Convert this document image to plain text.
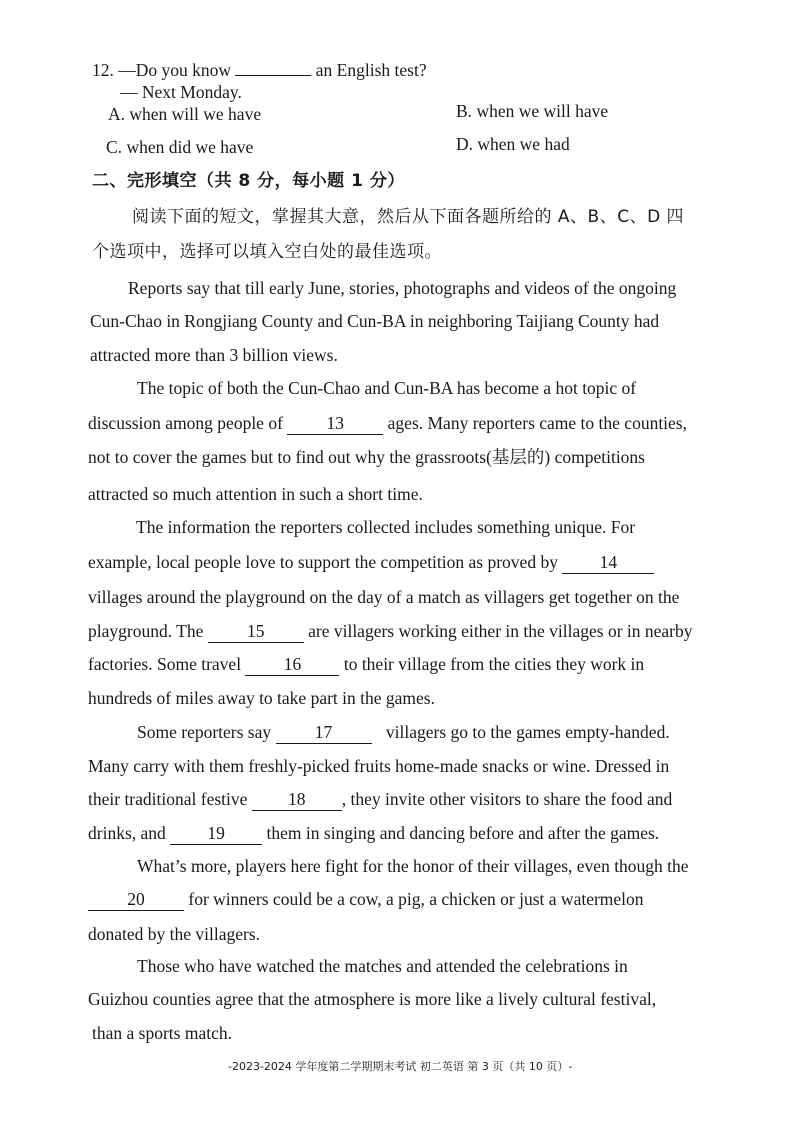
12. —Do you know	an English test?
— Next Monday.
A. when will we have	B. when we will have
C. when did we have	D. when we had
二、完形填空（共 8 分，每小题 1 分）
阅读下面的短文，掌握其大意，然后从下面各题所给的 A、B、C、D 四
个选项中，选择可以填入空白处的最佳选项。
Reports say that till early June, stories, photographs and videos of the ongoing
Cun-Chao in Rongjiang County and Cun-BA in neighboring Taijiang County had
attracted more than 3 billion views.
The topic of both the Cun-Chao and Cun-BA has become a hot topic of
discussion among people of 13 ages. Many reporters came to the counties,
not to cover the games but to find out why the grassroots(基层的) competitions
attracted so much attention in such a short time.
The information the reporters collected includes something unique. For
example, local people love to support the competition as proved by 14
villages around the playground on the day of a match as villagers get together on the
playground. The 15 are villagers working either in the villages or in nearby
factories. Some travel 16 to their village from the cities they work in
hundreds of miles away to take part in the games.
Some reporters say 17	villagers go to the games empty-handed.
Many carry with them freshly-picked fruits home-made snacks or wine. Dressed in
their traditional festive 18 , they invite other visitors to share the food and
drinks, and 19 them in singing and dancing before and after the games.
What’s more, players here fight for the honor of their villages, even though the
20 for winners could be a cow, a pig, a chicken or just a watermelon
donated by the villagers.
Those who have watched the matches and attended the celebrations in
Guizhou counties agree that the atmosphere is more like a lively cultural festival,
than a sports match.
-2023-2024 学年度第二学期期末考试 初二英语 第 3 页（共 10 页）-
